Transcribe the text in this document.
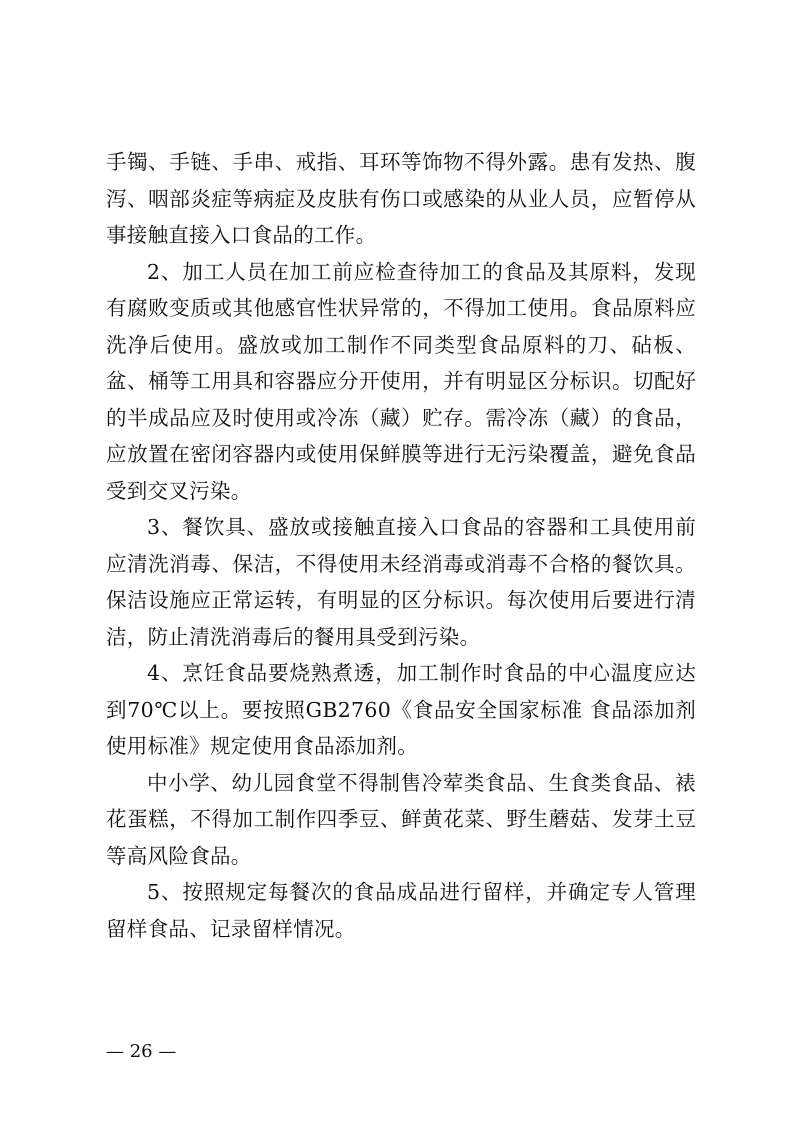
手镯、手链、手串、戒指、耳环等饰物不得外露。患有发热、腹泻、咽部炎症等病症及皮肤有伤口或感染的从业人员，应暂停从事接触直接入口食品的工作。

2、加工人员在加工前应检查待加工的食品及其原料，发现有腐败变质或其他感官性状异常的，不得加工使用。食品原料应洗净后使用。盛放或加工制作不同类型食品原料的刀、砧板、盆、桶等工用具和容器应分开使用，并有明显区分标识。切配好的半成品应及时使用或冷冻（藏）贮存。需冷冻（藏）的食品，应放置在密闭容器内或使用保鲜膜等进行无污染覆盖，避免食品受到交叉污染。

3、餐饮具、盛放或接触直接入口食品的容器和工具使用前应清洗消毒、保洁，不得使用未经消毒或消毒不合格的餐饮具。保洁设施应正常运转，有明显的区分标识。每次使用后要进行清洁，防止清洗消毒后的餐用具受到污染。

4、烹饪食品要烧熟煮透，加工制作时食品的中心温度应达到70℃以上。要按照GB2760《食品安全国家标准 食品添加剂使用标准》规定使用食品添加剂。

中小学、幼儿园食堂不得制售冷荤类食品、生食类食品、裱花蛋糕，不得加工制作四季豆、鲜黄花菜、野生蘑菇、发芽土豆等高风险食品。

5、按照规定每餐次的食品成品进行留样，并确定专人管理留样食品、记录留样情况。

— 26 —
